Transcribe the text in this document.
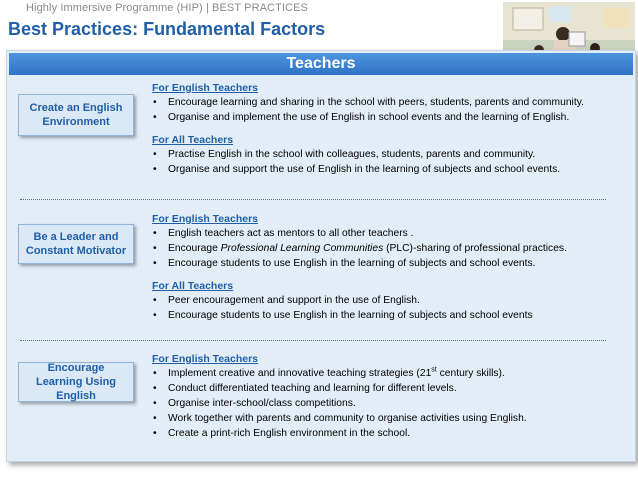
Highly Immersive Programme (HIP) | BEST PRACTICES
Best Practices: Fundamental Factors
Teachers
Create an English Environment
For English Teachers
• Encourage learning and sharing in the school with peers, students, parents and community.
• Organise and implement the use of English in school events and the learning of English.
For All Teachers
• Practise English in the school with colleagues, students, parents and community.
• Organise and support the use of English in the learning of subjects and school events.
Be a Leader and Constant Motivator
For English Teachers
• English teachers act as mentors to all other teachers .
• Encourage Professional Learning Communities (PLC)-sharing of professional practices.
• Encourage students to use English in the learning of subjects and school events.
For All Teachers
• Peer encouragement and support in the use of English.
• Encourage students to use English in the learning of subjects and school events
Encourage Learning Using English
For English Teachers
• Implement creative and innovative teaching strategies (21st century skills).
• Conduct differentiated teaching and learning for different levels.
• Organise inter-school/class competitions.
• Work together with parents and community to organise activities using English.
• Create a print-rich English environment in the school.
